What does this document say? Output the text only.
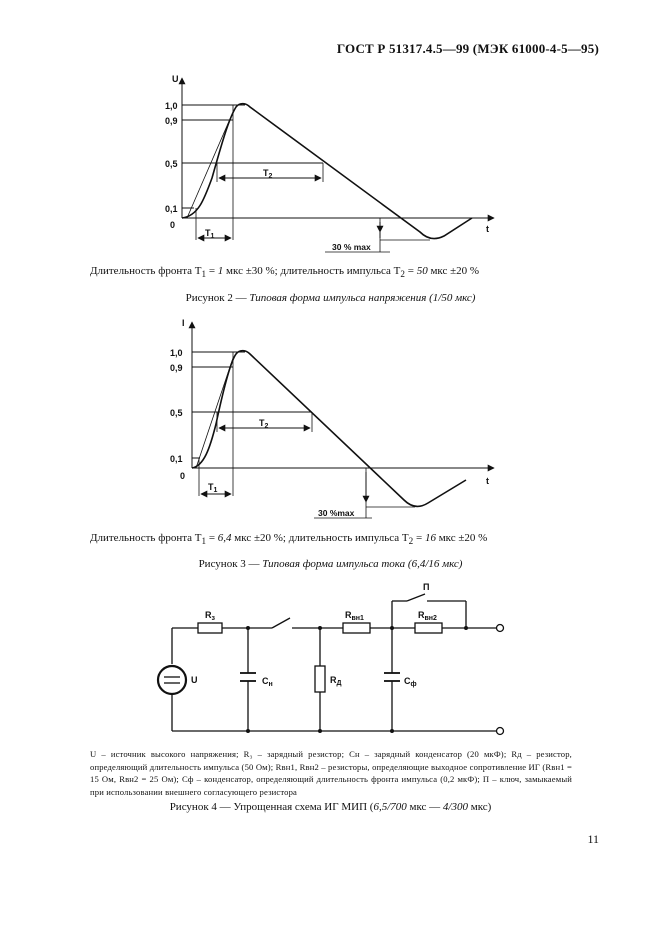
ГОСТ Р 51317.4.5—99 (МЭК 61000-4-5—95)
U
t
0
1,0
0,9
0,5
0,1
$T_2$
$T_1$
30 % max
Длительность фронта $T_1 = 1$ мкс ±30 %; длительность импульса $T_2 = 50$ мкс ±20 %
Рисунок 2 — Типовая форма импульса напряжения (1/50 мкс)
I
t
0
1,0
0,9
0,5
0,1
$T_2$
$T_1$
30 %max
Длительность фронта $T_1 = 6,4$ мкс ±20 %; длительность импульса $T_2 = 16$ мкс ±20 %
Рисунок 3 — Типовая форма импульса тока (6,4/16 мкс)
U
$R_з$
$C_н$	$R_Д$
$R_{вн1}$	$R_{вн2}$
$C_ф$
П
U – источник высокого напряжения; R₃ – зарядный резистор; Cн – зарядный конденсатор (20 мкФ); Rд – резистор, определяющий длительность импульса (50 Ом); Rвн1, Rвн2 – резисторы, определяющие выходное сопротивление ИГ (Rвн1 = 15 Ом, Rвн2 = 25 Ом); Cф – конденсатор, определяющий длительность фронта импульса (0,2 мкФ); П – ключ, замыкаемый при использовании внешнего согласующего резистора
Рисунок 4 — Упрощенная схема ИГ МИП (6,5/700 мкс — 4/300 мкс)
11
